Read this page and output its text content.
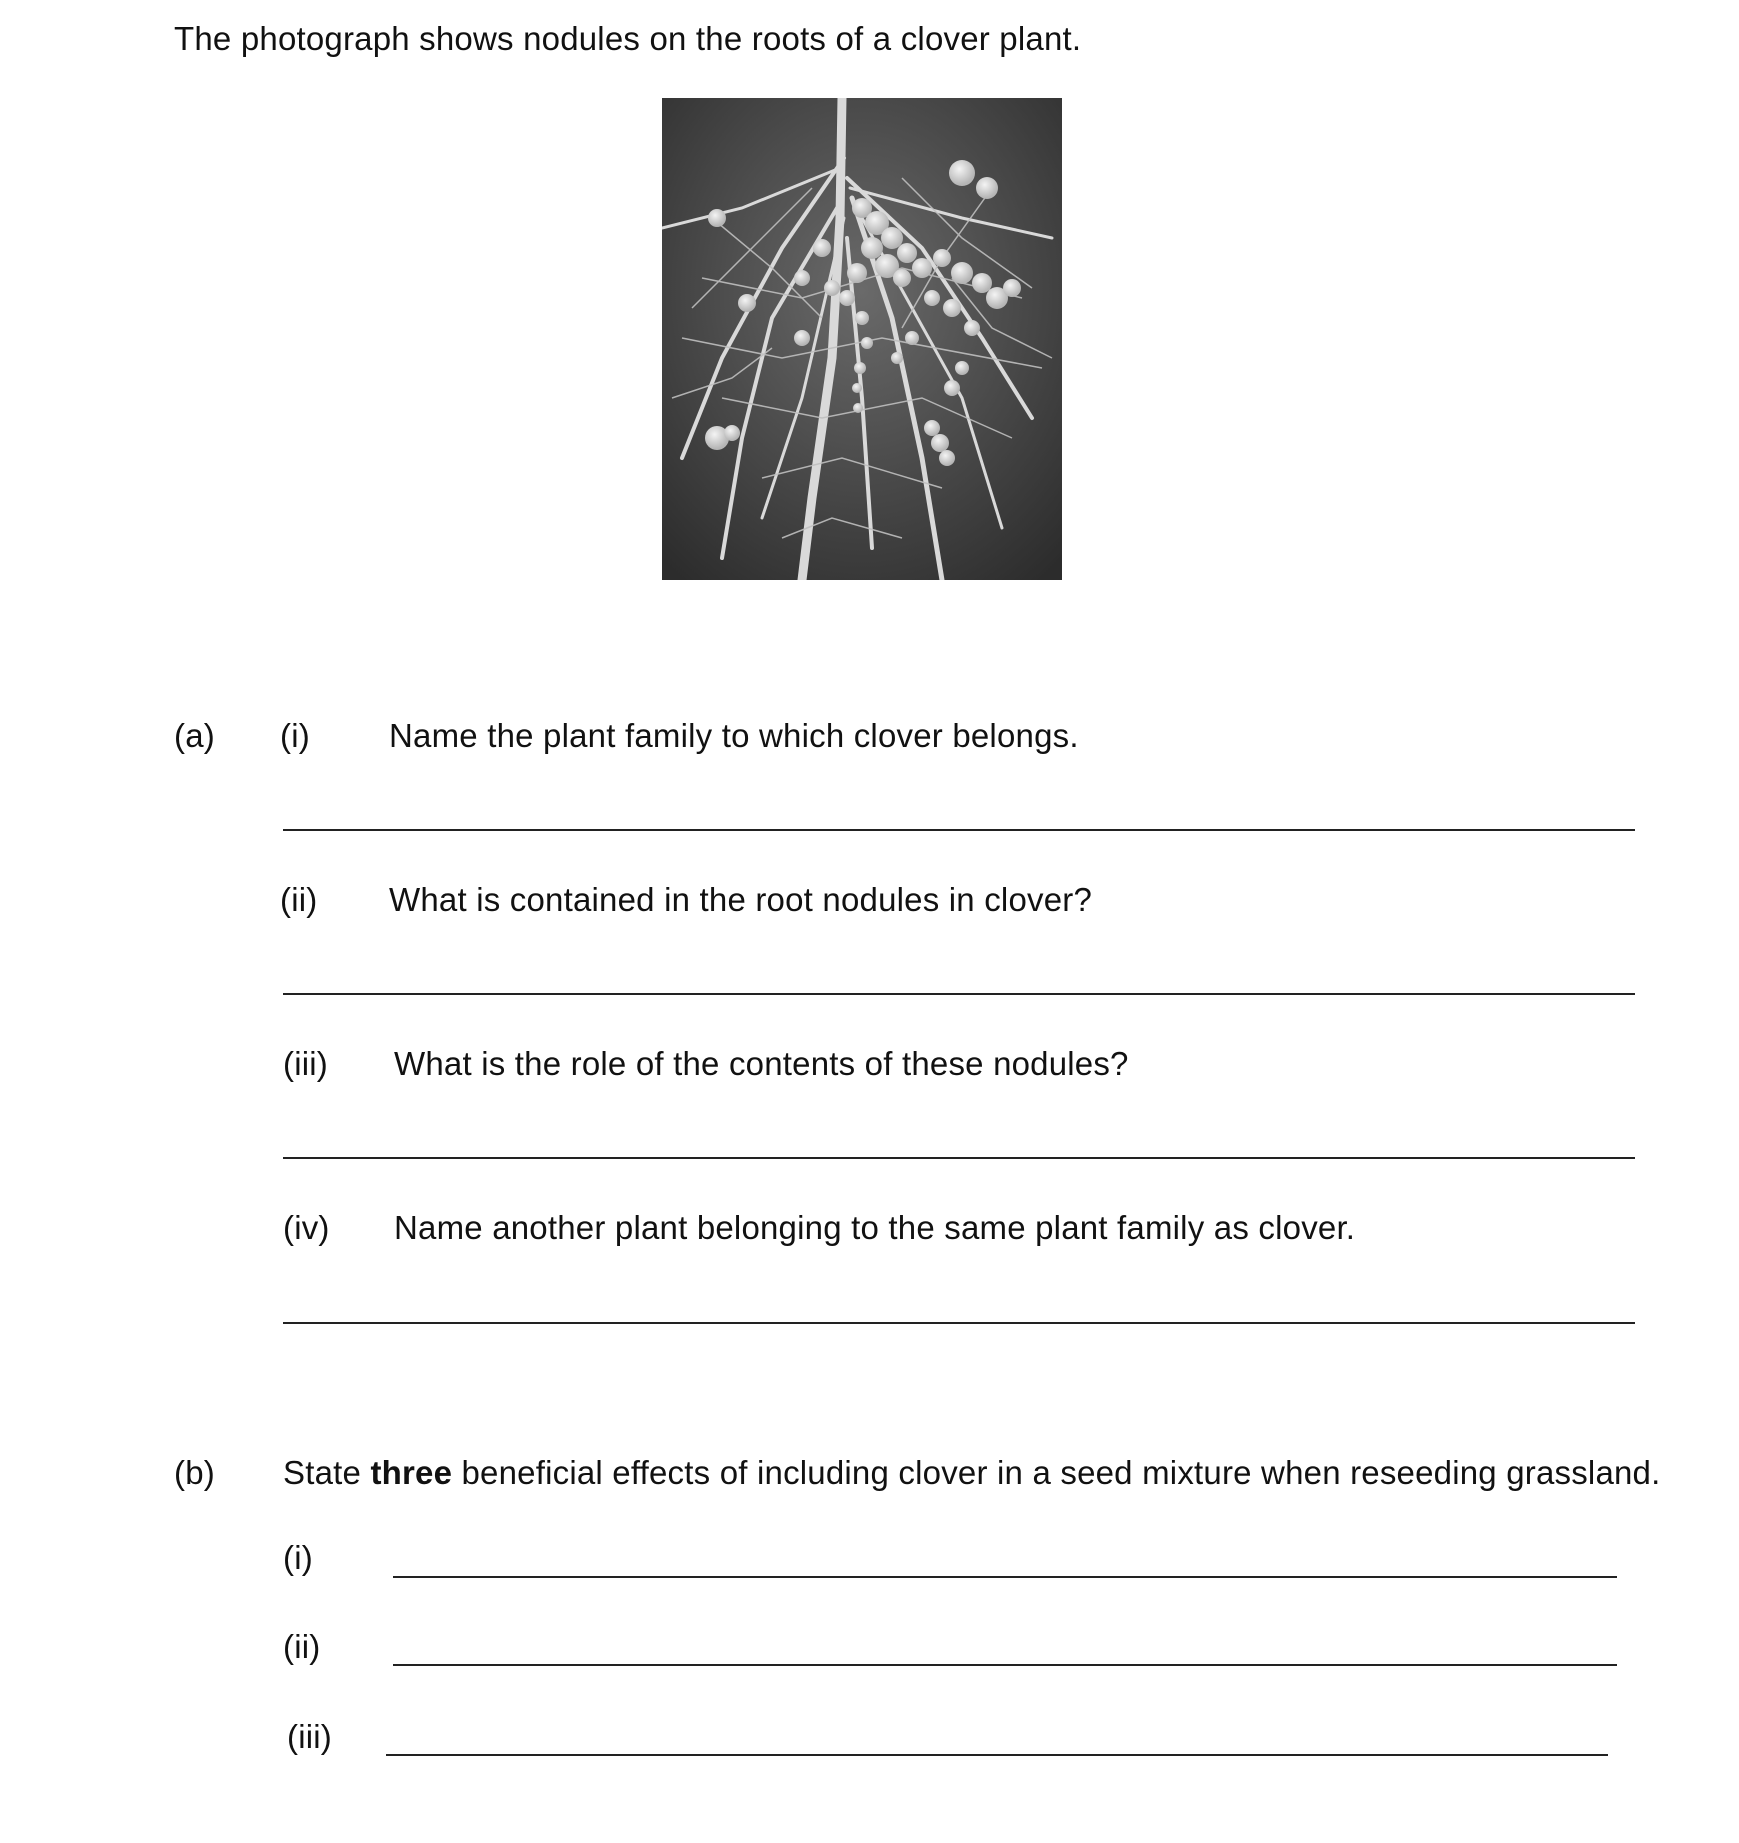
The photograph shows nodules on the roots of a clover plant.
(a) (i) Name the plant family to which clover belongs.
(ii) What is contained in the root nodules in clover?
(iii) What is the role of the contents of these nodules?
(iv) Name another plant belonging to the same plant family as clover.
(b) State three beneficial effects of including clover in a seed mixture when reseeding grassland.
(i)
(ii)
(iii)
